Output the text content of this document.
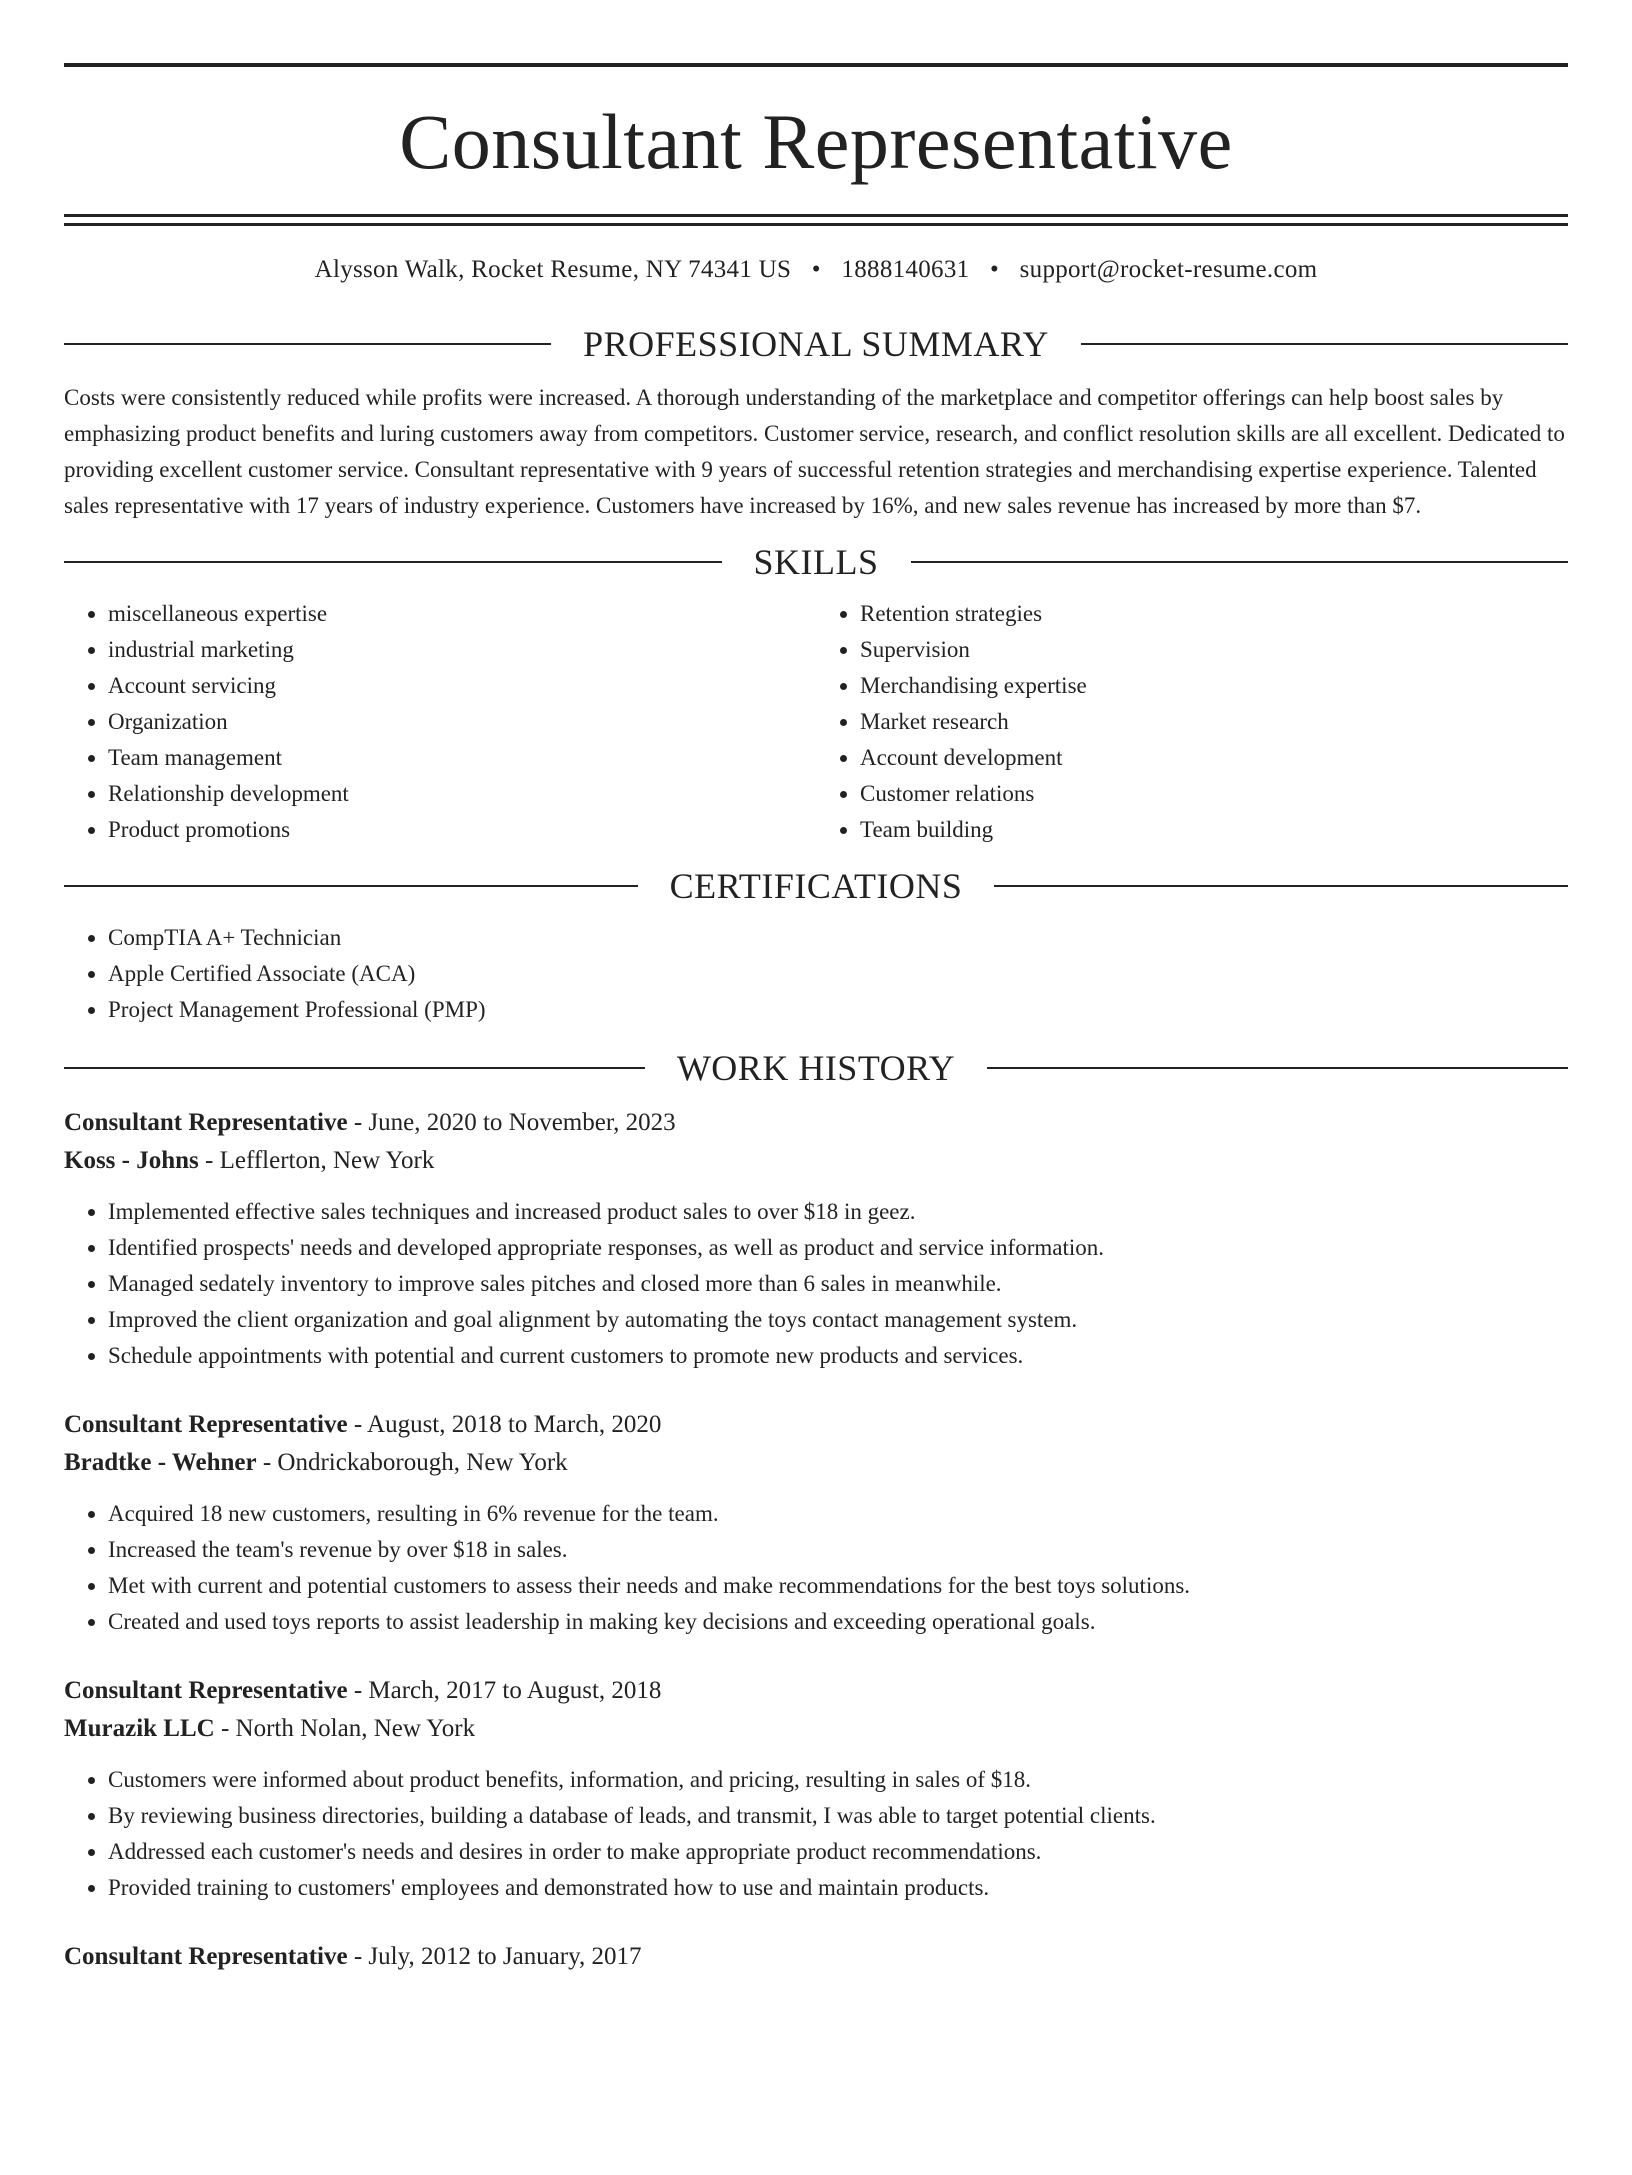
Consultant Representative
Alysson Walk, Rocket Resume, NY 74341 US • 1888140631 • support@rocket-resume.com
PROFESSIONAL SUMMARY

Costs were consistently reduced while profits were increased. A thorough understanding of the marketplace and competitor offerings can help boost sales by emphasizing product benefits and luring customers away from competitors. Customer service, research, and conflict resolution skills are all excellent. Dedicated to providing excellent customer service. Consultant representative with 9 years of successful retention strategies and merchandising expertise experience. Talented sales representative with 17 years of industry experience. Customers have increased by 16%, and new sales revenue has increased by more than $7.

SKILLS
• miscellaneous expertise
• industrial marketing
• Account servicing
• Organization
• Team management
• Relationship development
• Product promotions
• Retention strategies
• Supervision
• Merchandising expertise
• Market research
• Account development
• Customer relations
• Team building
CERTIFICATIONS
• CompTIA A+ Technician
• Apple Certified Associate (ACA)
• Project Management Professional (PMP)
WORK HISTORY
Consultant Representative - June, 2020 to November, 2023
Koss - Johns - Lefflerton, New York
• Implemented effective sales techniques and increased product sales to over $18 in geez.
• Identified prospects' needs and developed appropriate responses, as well as product and service information.
• Managed sedately inventory to improve sales pitches and closed more than 6 sales in meanwhile.
• Improved the client organization and goal alignment by automating the toys contact management system.
• Schedule appointments with potential and current customers to promote new products and services.
Consultant Representative - August, 2018 to March, 2020
Bradtke - Wehner - Ondrickaborough, New York
• Acquired 18 new customers, resulting in 6% revenue for the team.
• Increased the team's revenue by over $18 in sales.
• Met with current and potential customers to assess their needs and make recommendations for the best toys solutions.
• Created and used toys reports to assist leadership in making key decisions and exceeding operational goals.
Consultant Representative - March, 2017 to August, 2018
Murazik LLC - North Nolan, New York
• Customers were informed about product benefits, information, and pricing, resulting in sales of $18.
• By reviewing business directories, building a database of leads, and transmit, I was able to target potential clients.
• Addressed each customer's needs and desires in order to make appropriate product recommendations.
• Provided training to customers' employees and demonstrated how to use and maintain products.
Consultant Representative - July, 2012 to January, 2017
